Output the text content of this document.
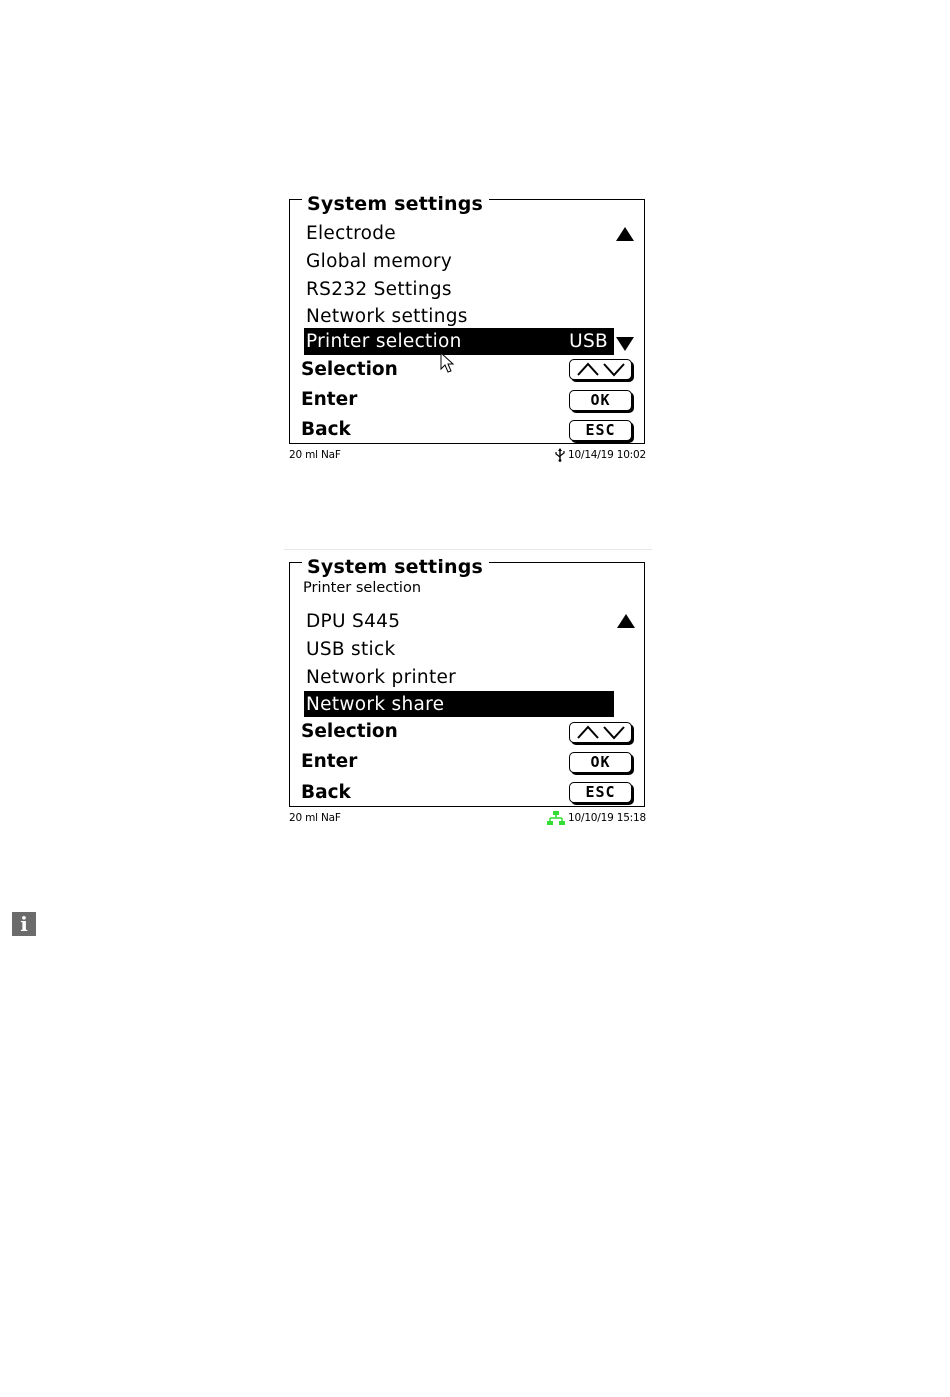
System settings
Electrode
Global memory
RS232 Settings
Network settings
Printer selection	USB
Selection
Enter	OK
Back	ESC
20 ml NaF	10/14/19 10:02
System settings
Printer selection
DPU S445
USB stick
Network printer
Network share
Selection
Enter	OK
Back	ESC
20 ml NaF	10/10/19 15:18
i
